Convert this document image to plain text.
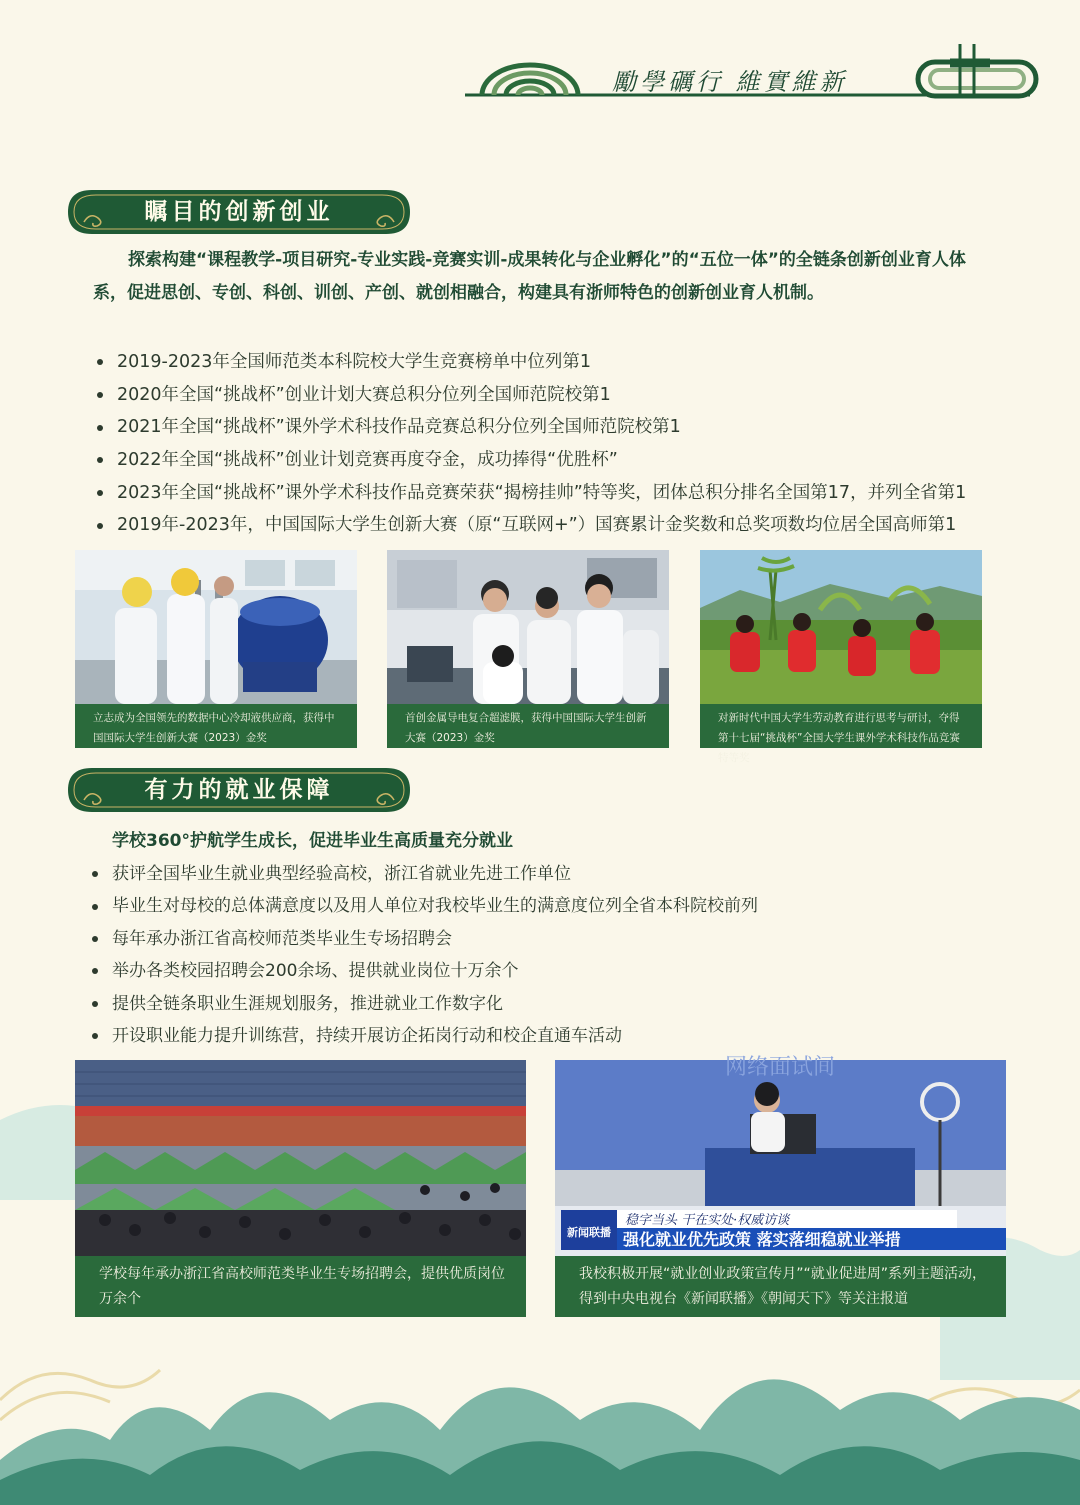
勵學礪行 維實維新
瞩目的创新创业

探索构建“课程教学-项目研究-专业实践-竞赛实训-成果转化与企业孵化”的“五位一体”的全链条创新创业育人体系，促进思创、专创、科创、训创、产创、就创相融合，构建具有浙师特色的创新创业育人机制。

2019-2023年全国师范类本科院校大学生竞赛榜单中位列第1
2020年全国“挑战杯”创业计划大赛总积分位列全国师范院校第1
2021年全国“挑战杯”课外学术科技作品竞赛总积分位列全国师范院校第1
2022年全国“挑战杯”创业计划竞赛再度夺金，成功捧得“优胜杯”
2023年全国“挑战杯”课外学术科技作品竞赛荣获“揭榜挂帅”特等奖，团体总积分排名全国第17，并列全省第1
2019年-2023年，中国国际大学生创新大赛（原“互联网+”）国赛累计金奖数和总奖项数均位居全国高师第1

立志成为全国领先的数据中心冷却液供应商，获得中国国际大学生创新大赛（2023）金奖

首创金属导电复合超滤膜，获得中国国际大学生创新大赛（2023）金奖

对新时代中国大学生劳动教育进行思考与研讨，夺得第十七届“挑战杯”全国大学生课外学术科技作品竞赛特等奖

有力的就业保障

学校360°护航学生成长，促进毕业生高质量充分就业

获评全国毕业生就业典型经验高校，浙江省就业先进工作单位
毕业生对母校的总体满意度以及用人单位对我校毕业生的满意度位列全省本科院校前列
每年承办浙江省高校师范类毕业生专场招聘会
举办各类校园招聘会200余场、提供就业岗位十万余个
提供全链条职业生涯规划服务，推进就业工作数字化
开设职业能力提升训练营，持续开展访企拓岗行动和校企直通车活动

学校每年承办浙江省高校师范类毕业生专场招聘会，提供优质岗位万余个

网络面试间
新闻联播
稳字当头 干在实处·权威访谈
强化就业优先政策 落实落细稳就业举措

我校积极开展“就业创业政策宣传月”“就业促进周”系列主题活动，得到中央电视台《新闻联播》《朝闻天下》等关注报道
